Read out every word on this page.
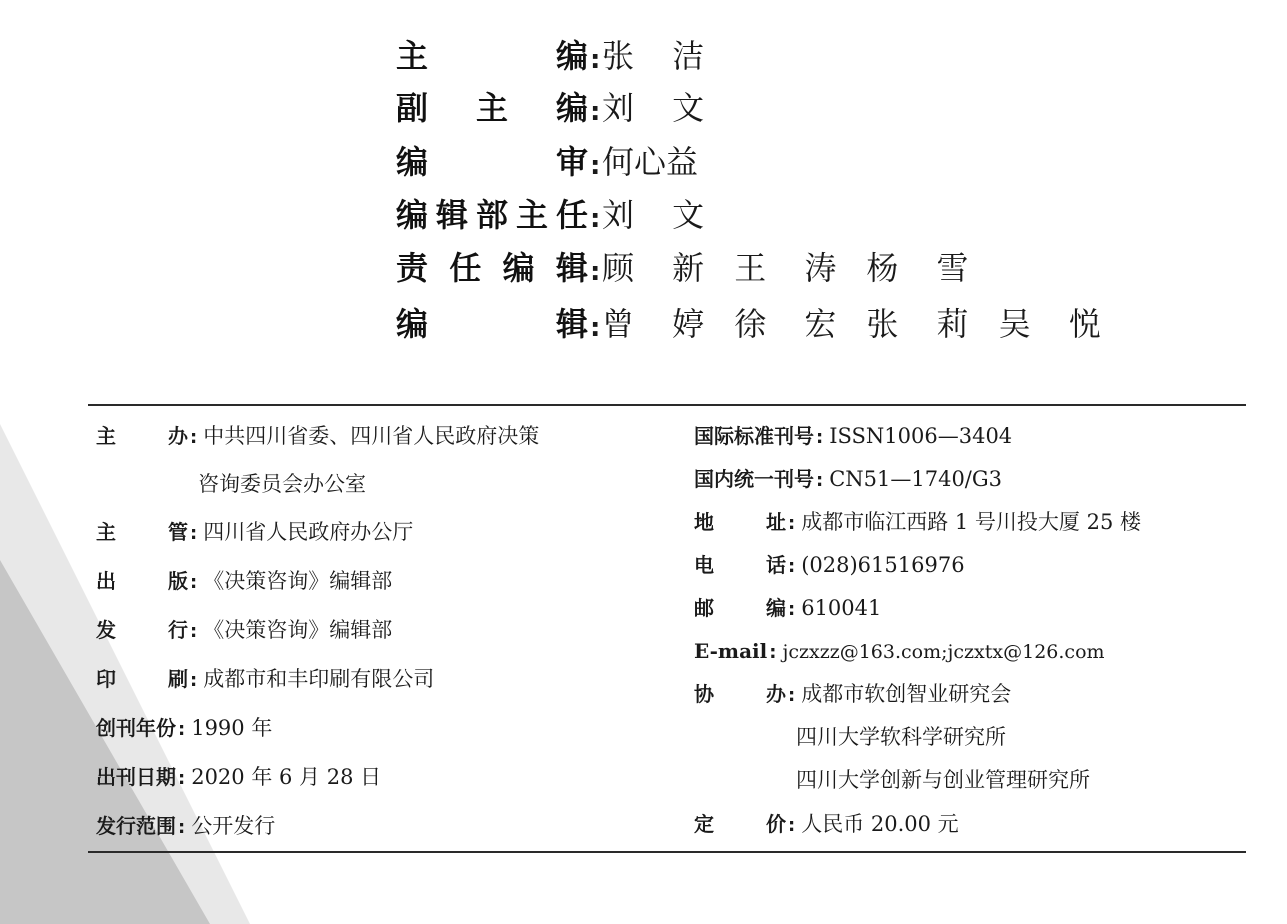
主	编 : 张 洁
副 主 编 : 刘 文
编	审 : 何心益
编 辑 部 主 任 : 刘 文
责 任 编 辑 : 顾 新 王 涛 杨 雪
编	辑 : 曾 婷 徐 宏 张 莉 吴 悦
主	办 : 中共四川省委、四川省人民政府决策
咨询委员会办公室
主	管 : 四川省人民政府办公厅
出	版 : 《决策咨询》编辑部
发	行 : 《决策咨询》编辑部
印	刷 : 成都市和丰印刷有限公司
创刊年份 : 1990 年
出刊日期 : 2020 年 6 月 28 日
发行范围 : 公开发行
国际标准刊号 : ISSN1006—3404
国内统一刊号 : CN51—1740/G3
地	址 : 成都市临江西路 1 号川投大厦 25 楼
电	话 : (028)61516976
邮	编 : 610041
E-mail : jczxzz@163.com;jczxtx@126.com
协	办 : 成都市软创智业研究会
四川大学软科学研究所
四川大学创新与创业管理研究所
定	价 : 人民币 20.00 元
